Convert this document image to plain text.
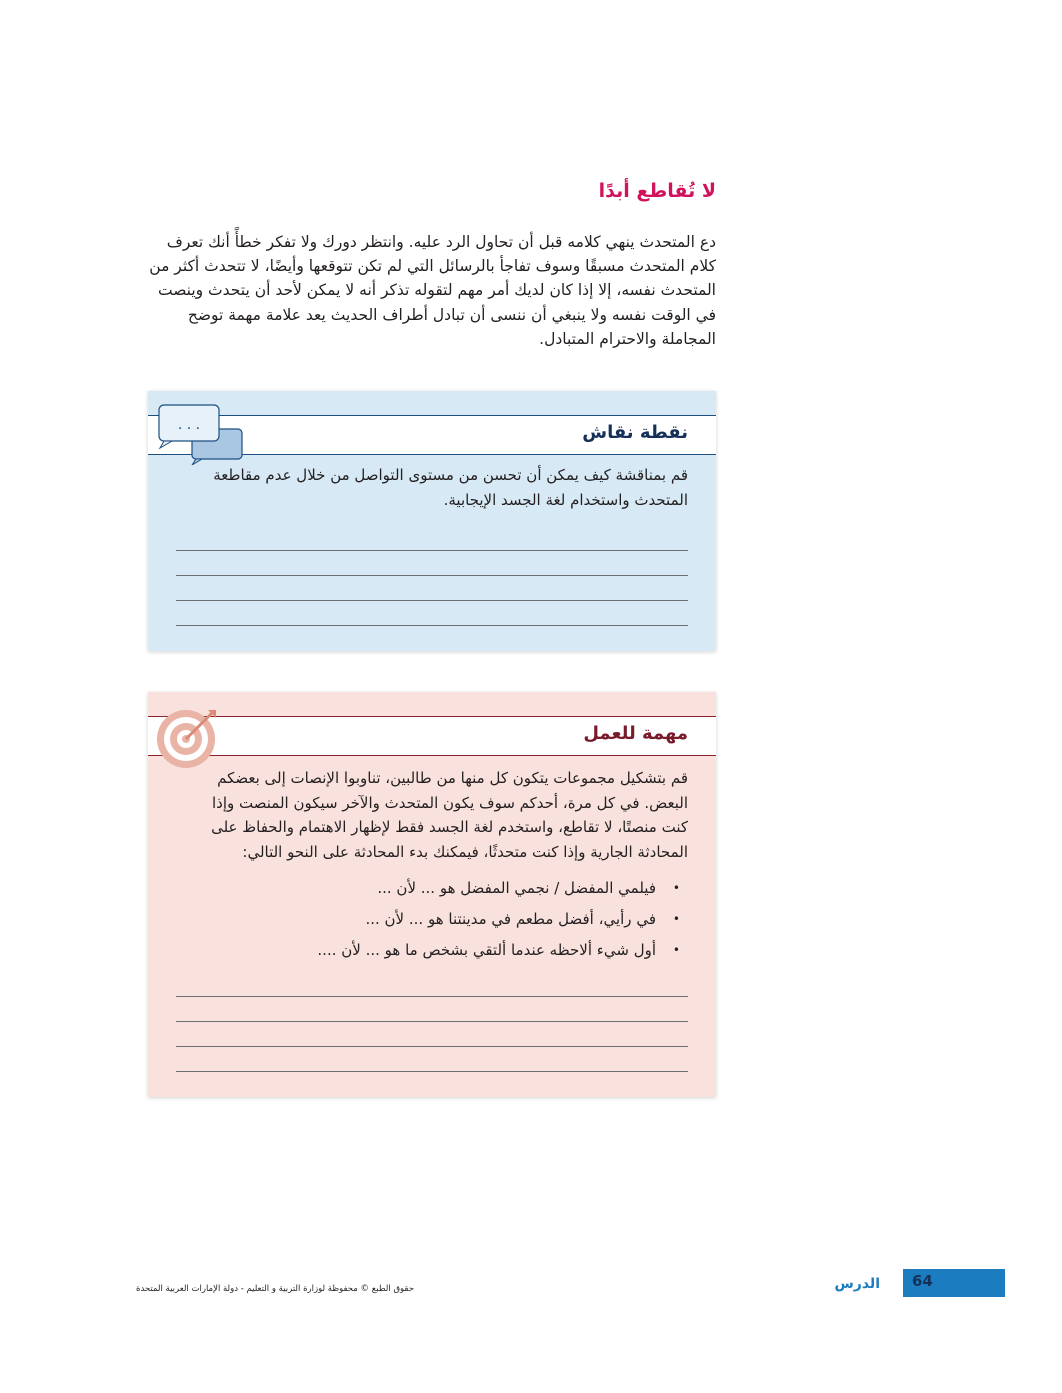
لا تُقاطع أبدًا
دع المتحدث ينهي كلامه قبل أن تحاول الرد عليه. وانتظر دورك ولا تفكر خطأً أنك تعرف كلام المتحدث مسبقًا وسوف تفاجأ بالرسائل التي لم تكن تتوقعها وأيضًا، لا تتحدث أكثر من المتحدث نفسه، إلا إذا كان لديك أمر مهم لتقوله تذكر أنه لا يمكن لأحد أن يتحدث وينصت في الوقت نفسه ولا ينبغي أن ننسى أن تبادل أطراف الحديث يعد علامة مهمة توضح المجاملة والاحترام المتبادل.
نقطة نقاش
. . .
قم بمناقشة كيف يمكن أن تحسن من مستوى التواصل من خلال عدم مقاطعة المتحدث واستخدام لغة الجسد الإيجابية.
مهمة للعمل
قم بتشكيل مجموعات يتكون كل منها من طالبين، تناوبوا الإنصات إلى بعضكم البعض. في كل مرة، أحدكم سوف يكون المتحدث والآخر سيكون المنصت وإذا كنت منصتًا، لا تقاطع، واستخدم لغة الجسد فقط لإظهار الاهتمام والحفاظ على المحادثة الجارية وإذا كنت متحدثًا، فيمكنك بدء المحادثة على النحو التالي:
•
فيلمي المفضل / نجمي المفضل هو ... لأن ...
•
في رأيي، أفضل مطعم في مدينتنا هو ... لأن ...
•
أول شيء ألاحظه عندما ألتقي بشخص ما هو ... لأن ....
64
الدرس
حقوق الطبع © محفوظة لوزارة التربية و التعليم - دولة الإمارات العربية المتحدة
